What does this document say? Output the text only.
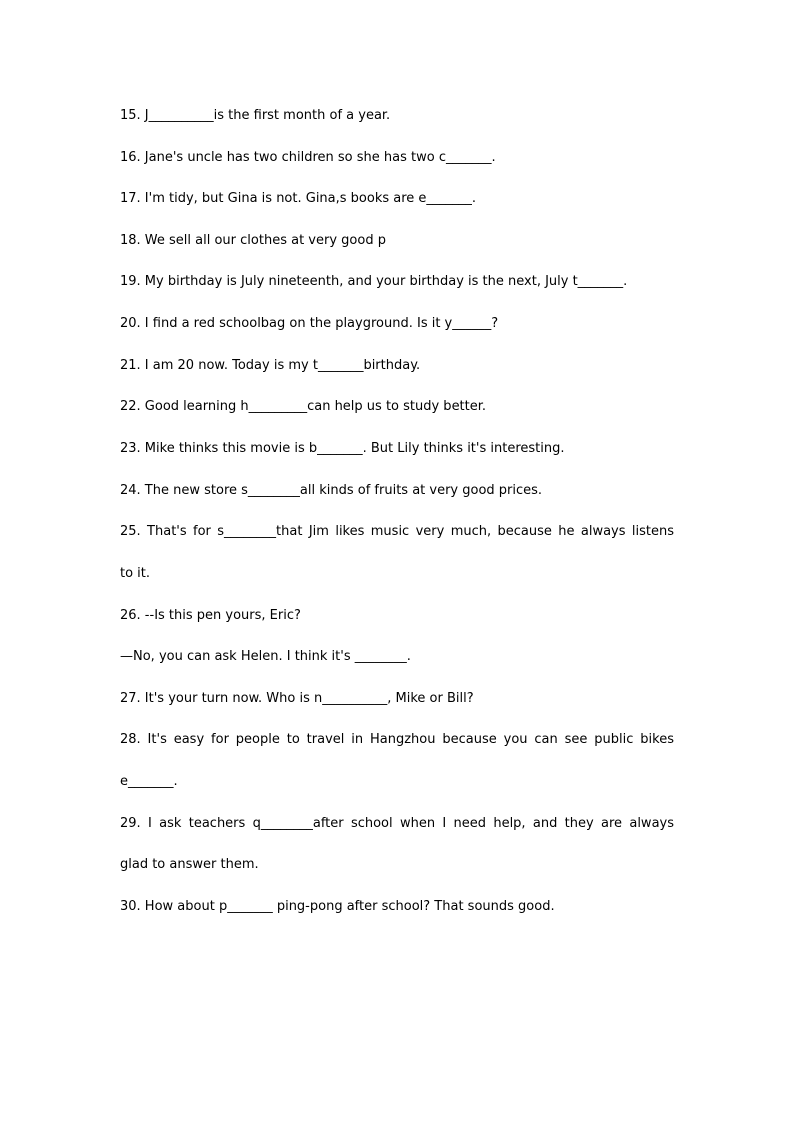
15. J__________is the first month of a year.
16. Jane's uncle has two children so she has two c_______.
17. I'm tidy, but Gina is not. Gina,s books are e_______.
18. We sell all our clothes at very good p
19. My birthday is July nineteenth, and your birthday is the next, July t_______.
20. I find a red schoolbag on the playground. Is it y______?
21. I am 20 now. Today is my t_______birthday.
22. Good learning h_________can help us to study better.
23. Mike thinks this movie is b_______. But Lily thinks it's interesting.
24. The new store s________all kinds of fruits at very good prices.
25. That's for s________that Jim likes music very much, because he always listens
to it.
26. --Is this pen yours, Eric?
—No, you can ask Helen. I think it's ________.
27. It's your turn now. Who is n__________, Mike or Bill?
28. It's easy for people to travel in Hangzhou because you can see public bikes
e_______.
29. I ask teachers q________after school when I need help, and they are always
glad to answer them.
30. How about p_______ ping-pong after school? That sounds good.
